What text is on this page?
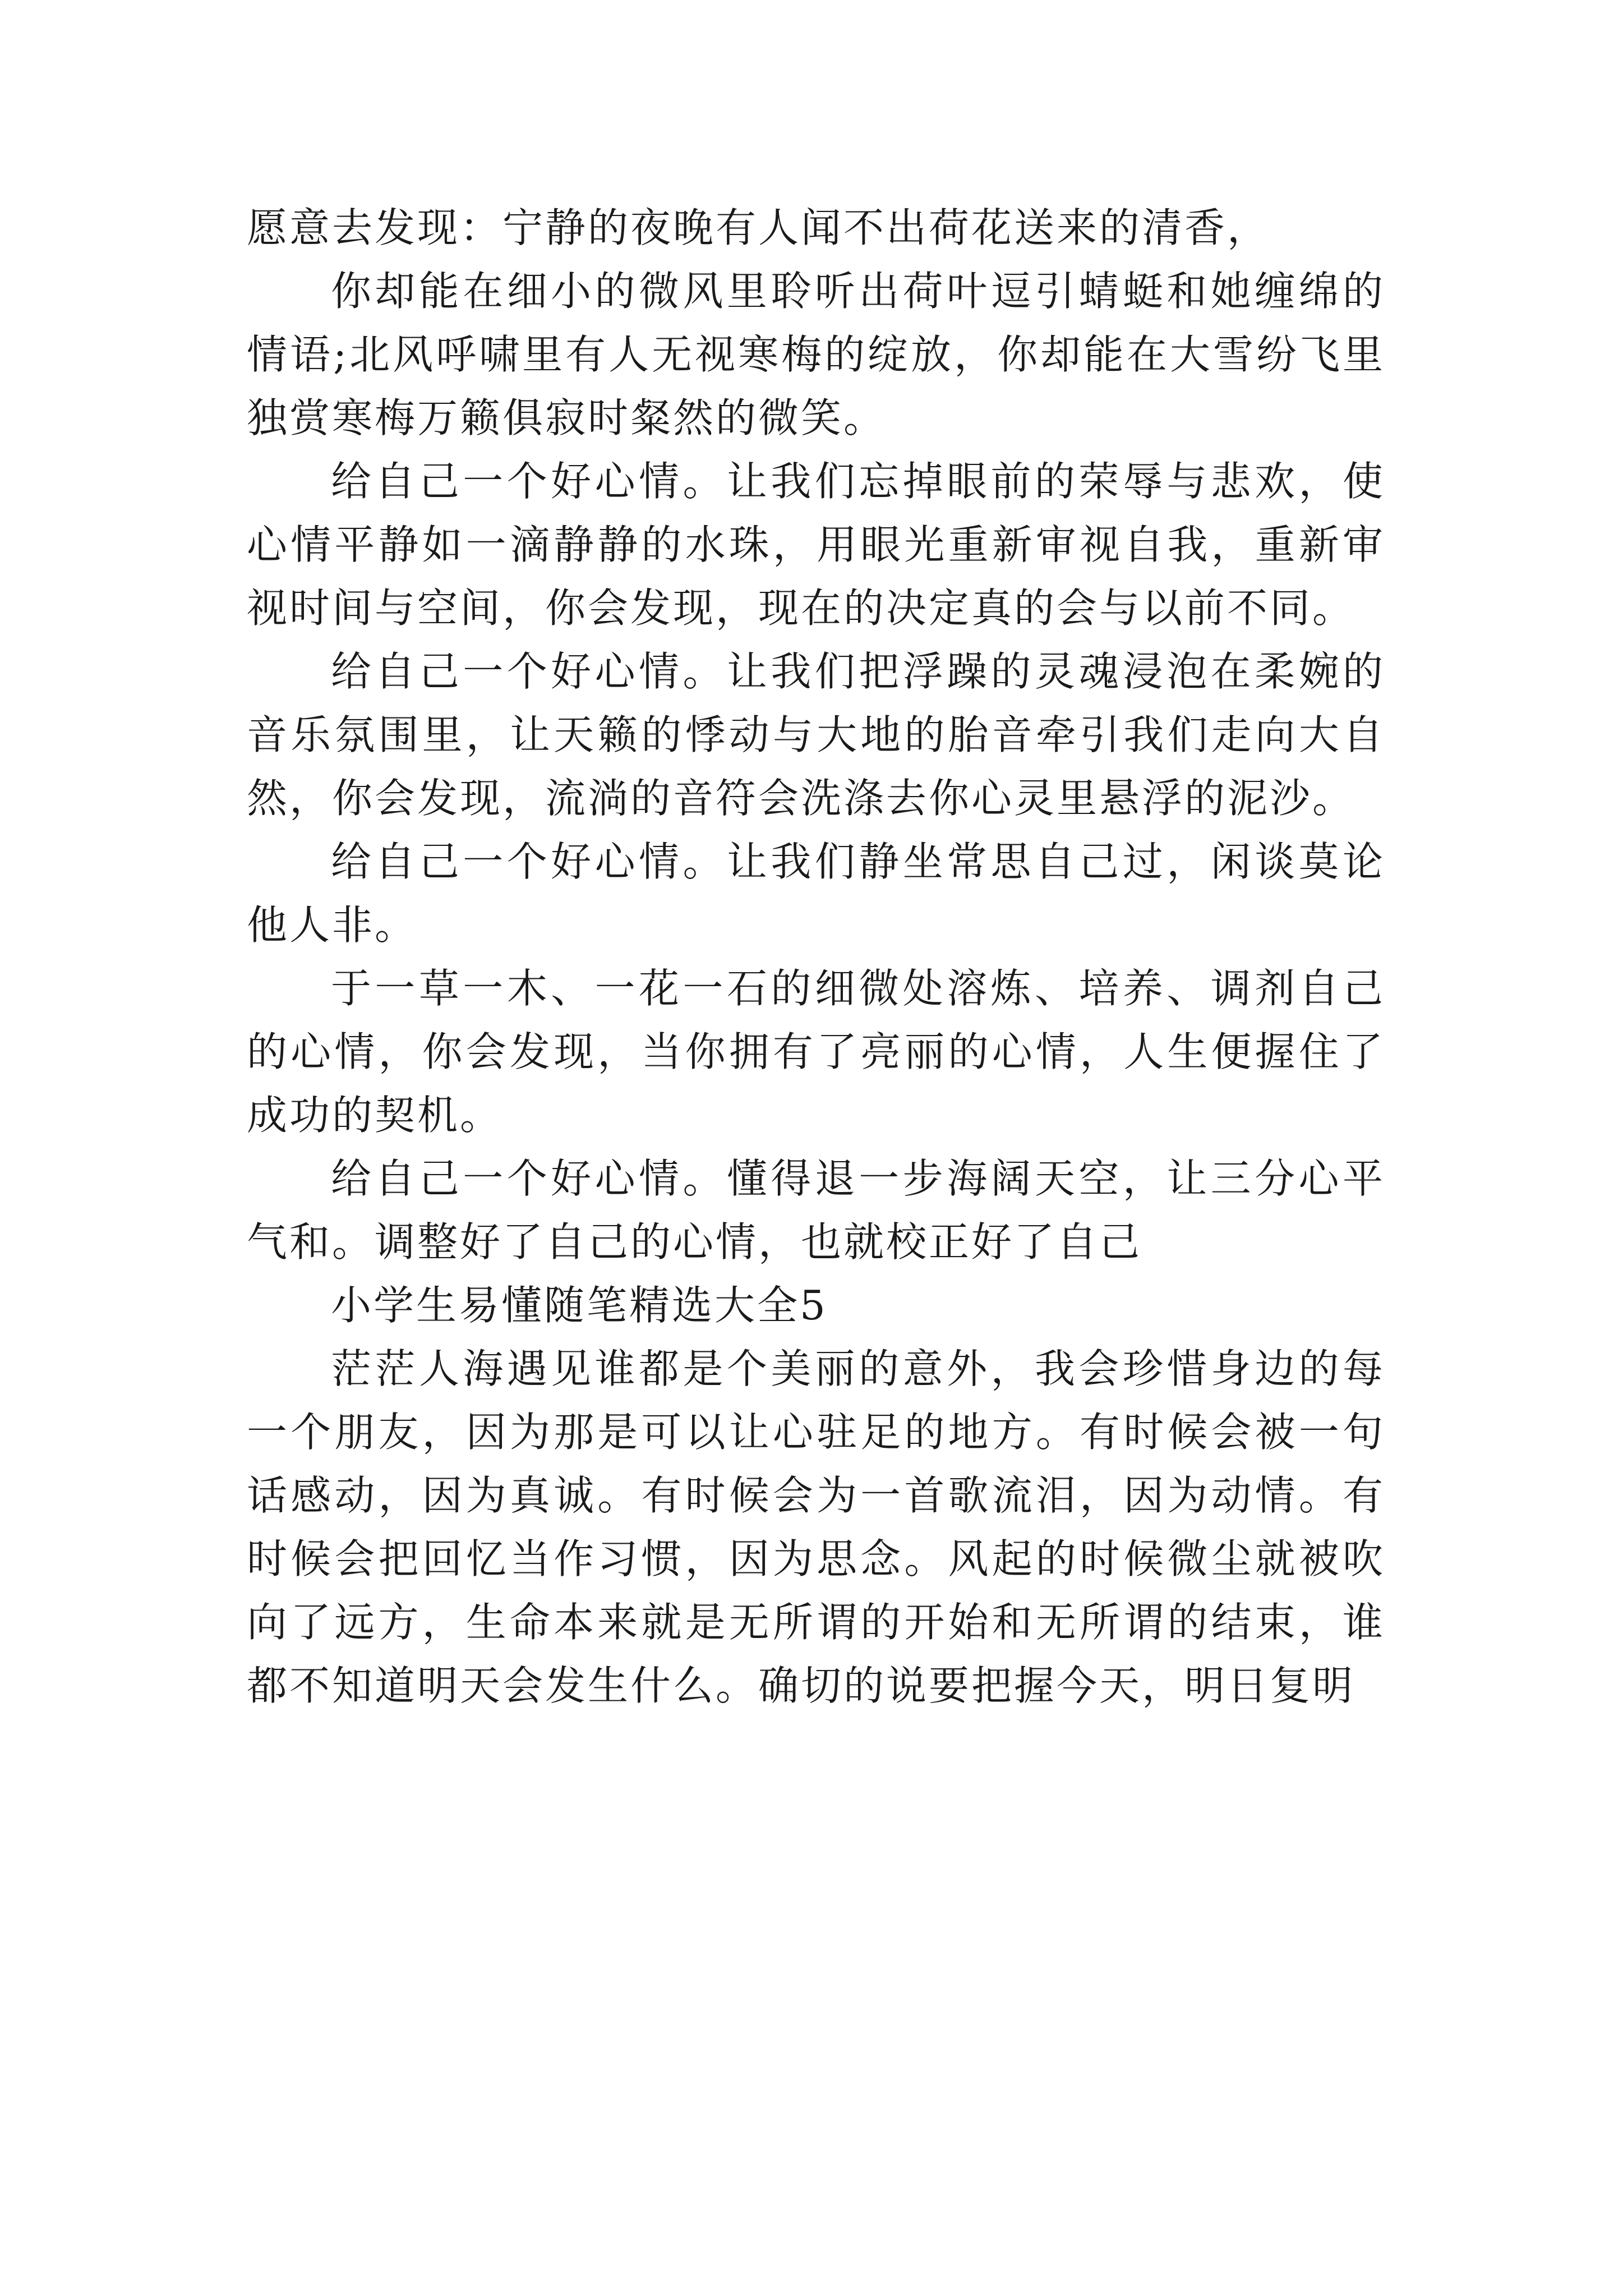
愿意去发现：宁静的夜晚有人闻不出荷花送来的清香，

你却能在细小的微风里聆听出荷叶逗引蜻蜓和她缠绵的情语;北风呼啸里有人无视寒梅的绽放，你却能在大雪纷飞里独赏寒梅万籁俱寂时粲然的微笑。

给自己一个好心情。让我们忘掉眼前的荣辱与悲欢，使心情平静如一滴静静的水珠，用眼光重新审视自我，重新审视时间与空间，你会发现，现在的决定真的会与以前不同。

给自己一个好心情。让我们把浮躁的灵魂浸泡在柔婉的音乐氛围里，让天籁的悸动与大地的胎音牵引我们走向大自然，你会发现，流淌的音符会洗涤去你心灵里悬浮的泥沙。

给自己一个好心情。让我们静坐常思自己过，闲谈莫论他人非。

于一草一木、一花一石的细微处溶炼、培养、调剂自己的心情，你会发现，当你拥有了亮丽的心情，人生便握住了成功的契机。

给自己一个好心情。懂得退一步海阔天空，让三分心平气和。调整好了自己的心情，也就校正好了自己

小学生易懂随笔精选大全5

茫茫人海遇见谁都是个美丽的意外，我会珍惜身边的每一个朋友，因为那是可以让心驻足的地方。有时候会被一句话感动，因为真诚。有时候会为一首歌流泪，因为动情。有时候会把回忆当作习惯，因为思念。风起的时候微尘就被吹向了远方，生命本来就是无所谓的开始和无所谓的结束，谁都不知道明天会发生什么。确切的说要把握今天，明日复明
